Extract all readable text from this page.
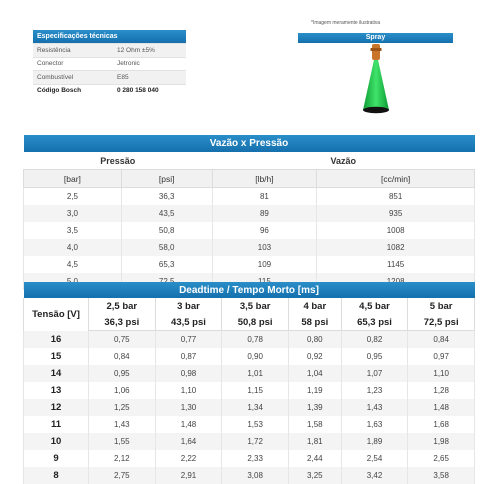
Especificações técnicas	
Resistência	12 Ohm ±5%
Conector	Jetronic
Combustível	E85
Código Bosch	0 280 158 040
*Imagem meramente ilustrativa
Spray
Vazão x Pressão			
Pressão		Vazão	
[bar]	[psi]	[lb/h]	[cc/min]
2,5	36,3	81	851
3,0	43,5	89	935
3,5	50,8	96	1008
4,0	58,0	103	1082
4,5	65,3	109	1145

Deadtime / Tempo Morto [ms]						
Tensão [V]	2,5 bar	3 bar	3,5 bar	4 bar	4,5 bar	5 bar
	36,3 psi	43,5 psi	50,8 psi	58 psi	65,3 psi	72,5 psi
16	0,75	0,77	0,78	0,80	0,82	0,84
15	0,84	0,87	0,90	0,92	0,95	0,97
14	0,95	0,98	1,01	1,04	1,07	1,10
13	1,06	1,10	1,15	1,19	1,23	1,28
12	1,25	1,30	1,34	1,39	1,43	1,48
11	1,43	1,48	1,53	1,58	1,63	1,68
10	1,55	1,64	1,72	1,81	1,89	1,98
9	2,12	2,22	2,33	2,44	2,54	2,65
8	2,75	2,91	3,08	3,25	3,42	3,58
